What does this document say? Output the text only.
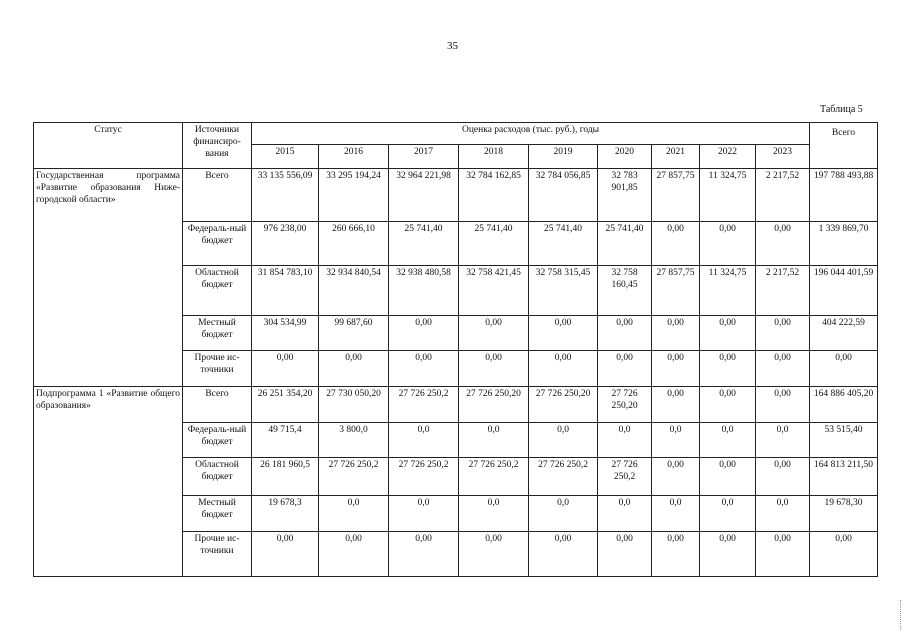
35
Таблица 5
Статус	Источники финансиро-вания	Оценка расходов (тыс. руб.), годы									Всего
		2015	2016	2017	2018	2019	2020	2021	2022	2023	
Государственная программа «Развитие образования Ниже-городской области»	Всего	33 135 556,09	33 295 194,24	32 964 221,98	32 784 162,85	32 784 056,85	32 783 901,85	27 857,75	11 324,75	2 217,52	197 788 493,88
	Федераль-ный бюджет	976 238,00	260 666,10	25 741,40	25 741,40	25 741,40	25 741,40	0,00	0,00	0,00	1 339 869,70
	Областной бюджет	31 854 783,10	32 934 840,54	32 938 480,58	32 758 421,45	32 758 315,45	32 758 160,45	27 857,75	11 324,75	2 217,52	196 044 401,59
	Местный бюджет	304 534,99	99 687,60	0,00	0,00	0,00	0,00	0,00	0,00	0,00	404 222,59
	Прочие ис-точники	0,00	0,00	0,00	0,00	0,00	0,00	0,00	0,00	0,00	0,00
Подпрограмма 1 «Развитие общего образования»	Всего	26 251 354,20	27 730 050,20	27 726 250,2	27 726 250,20	27 726 250,20	27 726 250,20	0,00	0,00	0,00	164 886 405,20
	Федераль-ный бюджет	49 715,4	3 800,0	0,0	0,0	0,0	0,0	0,0	0,0	0,0	53 515,40
	Областной бюджет	26 181 960,5	27 726 250,2	27 726 250,2	27 726 250,2	27 726 250,2	27 726 250,2	0,00	0,00	0,00	164 813 211,50
	Местный бюджет	19 678,3	0,0	0,0	0,0	0,0	0,0	0,0	0,0	0,0	19 678,30
	Прочие ис-точники	0,00	0,00	0,00	0,00	0,00	0,00	0,00	0,00	0,00	0,00
